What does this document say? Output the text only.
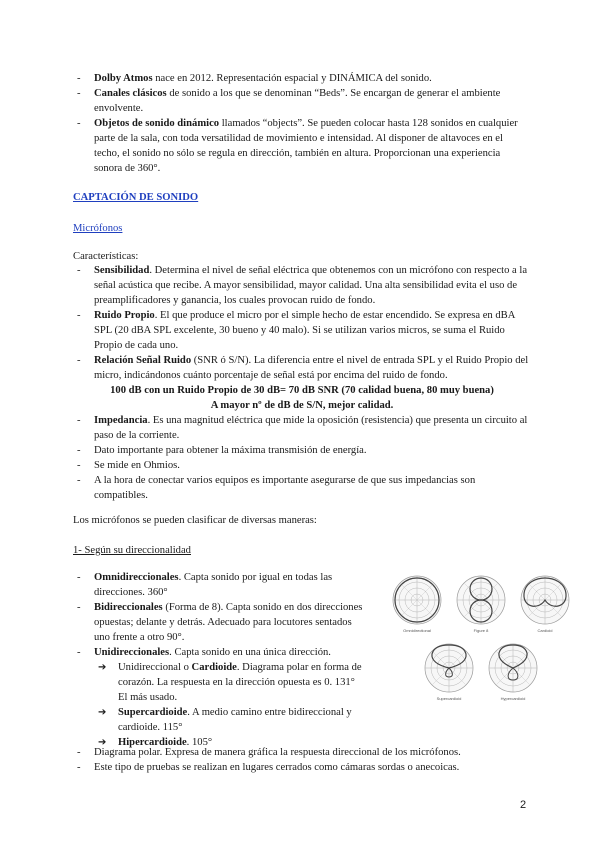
- Dolby Atmos nace en 2012. Representación espacial y DINÁMICA del sonido.
- Canales clásicos de sonido a los que se denominan “Beds”. Se encargan de generar el ambiente envolvente.
- Objetos de sonido dinámico llamados “objects”. Se pueden colocar hasta 128 sonidos en cualquier parte de la sala, con toda versatilidad de movimiento e intensidad. Al disponer de altavoces en el techo, el sonido no sólo se regula en dirección, también en altura. Proporcionan una experiencia sonora de 360°.
CAPTACIÓN DE SONIDO
Micrófonos
Características:
- Sensibilidad. Determina el nivel de señal eléctrica que obtenemos con un micrófono con respecto a la señal acústica que recibe. A mayor sensibilidad, mayor calidad. Una alta sensibilidad evita el uso de preamplificadores y ganancia, los cuales provocan ruido de fondo.
- Ruido Propio. El que produce el micro por el simple hecho de estar encendido. Se expresa en dBA SPL (20 dBA SPL excelente, 30 bueno y 40 malo). Si se utilizan varios micros, se suma el Ruido Propio de cada uno.
- Relación Señal Ruido (SNR ó S/N). La diferencia entre el nivel de entrada SPL y el Ruido Propio del micro, indicándonos cuánto porcentaje de señal está por encima del ruido de fondo.
100 dB con un Ruido Propio de 30 dB= 70 dB SNR (70 calidad buena, 80 muy buena)
A mayor nº de dB de S/N, mejor calidad.
- Impedancia. Es una magnitud eléctrica que mide la oposición (resistencia) que presenta un circuito al paso de la corriente.
- Dato importante para obtener la máxima transmisión de energía.
- Se mide en Ohmios.
- A la hora de conectar varios equipos es importante asegurarse de que sus impedancias son compatibles.
Los micrófonos se pueden clasificar de diversas maneras:
1- Según su direccionalidad
- Omnidireccionales. Capta sonido por igual en todas las direcciones. 360°
- Bidireccionales (Forma de 8). Capta sonido en dos direcciones opuestas; delante y detrás. Adecuado para locutores sentados uno frente a otro 90°.
- Unidireccionales. Capta sonido en una única dirección.
➔ Unidireccional o Cardioide. Diagrama polar en forma de corazón. La respuesta en la dirección opuesta es 0. 131° El más usado.
➔ Supercardioide. A medio camino entre bidireccional y cardioide. 115°
➔ Hipercardioide. 105°
- Diagrama polar. Expresa de manera gráfica la respuesta direccional de los micrófonos.
- Este tipo de pruebas se realizan en lugares cerrados como cámaras sordas o anecoicas.
Omnidirectional	Figure 8	Cardioid
Supercardioid	Hypercardioid
2
